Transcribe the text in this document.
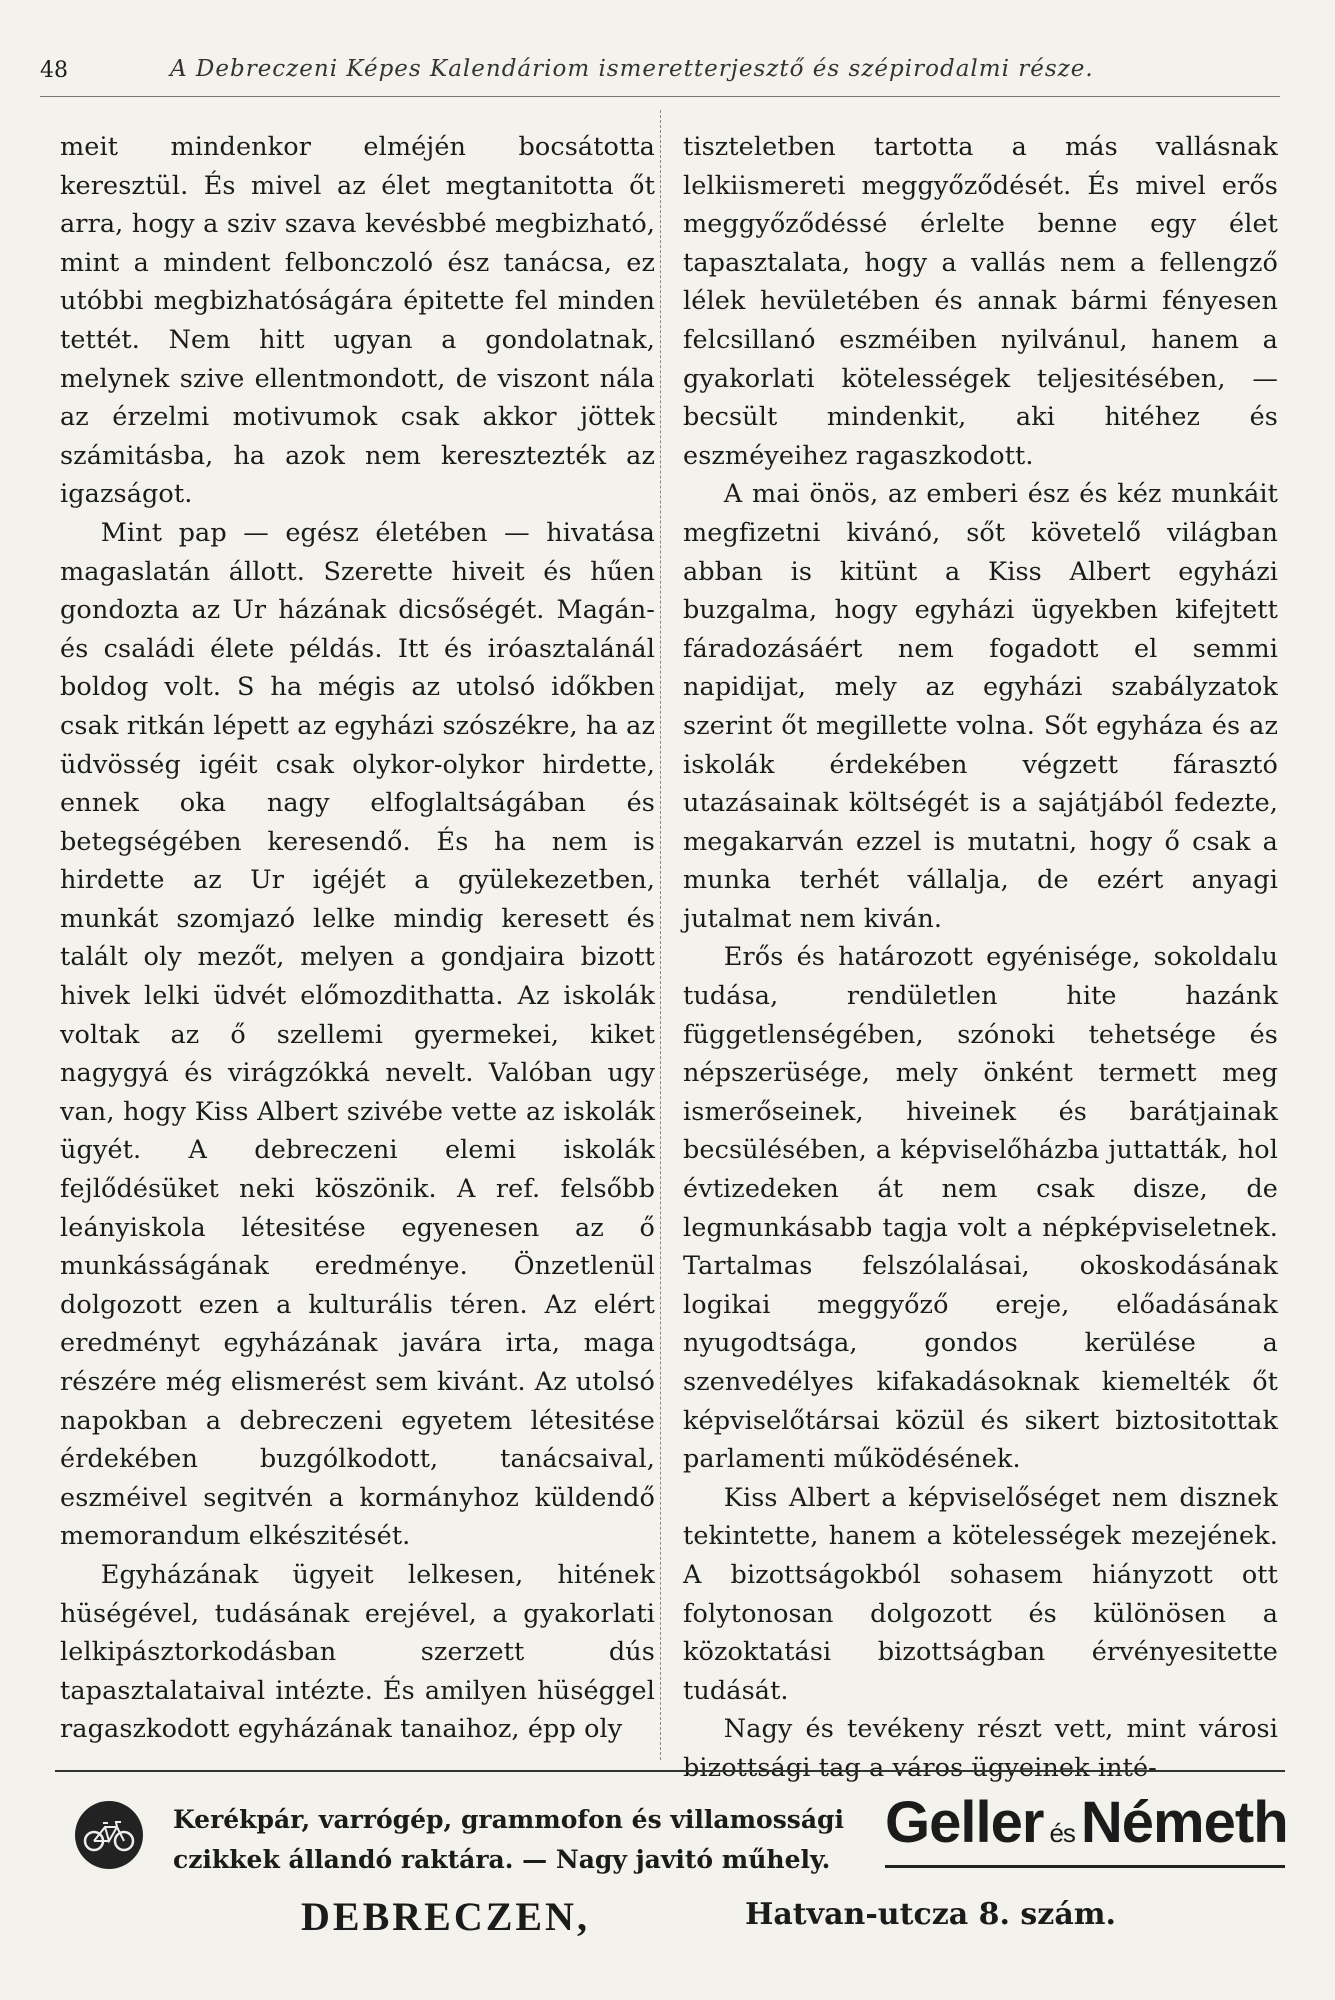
48	A Debreczeni Képes Kalendáriom ismeretterjesztő és szépirodalmi része.

meit mindenkor elméjén bocsátotta keresztül. És mivel az élet megtanitotta őt arra, hogy a sziv szava kevésbbé megbizható, mint a mindent felbonczoló ész tanácsa, ez utóbbi megbizhatóságára épitette fel minden tettét. Nem hitt ugyan a gondolatnak, melynek szive ellentmondott, de viszont nála az érzelmi motivumok csak akkor jöttek számitásba, ha azok nem keresztezték az igazságot.

Mint pap — egész életében — hivatása magaslatán állott. Szerette hiveit és hűen gondozta az Ur házának dicsőségét. Magán- és családi élete példás. Itt és iróasztalánál boldog volt. S ha mégis az utolsó időkben csak ritkán lépett az egyházi szószékre, ha az üdvösség igéit csak olykor-olykor hirdette, ennek oka nagy elfoglaltságában és betegségében keresendő. És ha nem is hirdette az Ur igéjét a gyülekezetben, munkát szomjazó lelke mindig keresett és talált oly mezőt, melyen a gondjaira bizott hivek lelki üdvét előmozdithatta. Az iskolák voltak az ő szellemi gyermekei, kiket nagygyá és virágzókká nevelt. Valóban ugy van, hogy Kiss Albert szivébe vette az iskolák ügyét. A debreczeni elemi iskolák fejlődésüket neki köszönik. A ref. felsőbb leányiskola létesitése egyenesen az ő munkásságának eredménye. Önzetlenül dolgozott ezen a kulturális téren. Az elért eredményt egyházának javára irta, maga részére még elismerést sem kivánt. Az utolsó napokban a debreczeni egyetem létesitése érdekében buzgólkodott, tanácsaival, eszméivel segitvén a kormányhoz küldendő memorandum elkészitését.

Egyházának ügyeit lelkesen, hitének hüségével, tudásának erejével, a gyakorlati lelkipásztorkodásban szerzett dús tapasztalataival intézte. És amilyen hüséggel ragaszkodott egyházának tanaihoz, épp oly

tiszteletben tartotta a más vallásnak lelkiismereti meggyőződését. És mivel erős meggyőződéssé érlelte benne egy élet tapasztalata, hogy a vallás nem a fellengző lélek hevületében és annak bármi fényesen felcsillanó eszméiben nyilvánul, hanem a gyakorlati kötelességek teljesitésében, — becsült mindenkit, aki hitéhez és eszméyeihez ragaszkodott.

A mai önös, az emberi ész és kéz munkáit megfizetni kivánó, sőt követelő világban abban is kitünt a Kiss Albert egyházi buzgalma, hogy egyházi ügyekben kifejtett fáradozásáért nem fogadott el semmi napidijat, mely az egyházi szabályzatok szerint őt megillette volna. Sőt egyháza és az iskolák érdekében végzett fárasztó utazásainak költségét is a sajátjából fedezte, megakarván ezzel is mutatni, hogy ő csak a munka terhét vállalja, de ezért anyagi jutalmat nem kiván.

Erős és határozott egyénisége, sokoldalu tudása, rendületlen hite hazánk függetlenségében, szónoki tehetsége és népszerüsége, mely önként termett meg ismerőseinek, hiveinek és barátjainak becsülésében, a képviselőházba juttatták, hol évtizedeken át nem csak disze, de legmunkásabb tagja volt a népképviseletnek. Tartalmas felszólalásai, okoskodásának logikai meggyőző ereje, előadásának nyugodtsága, gondos kerülése a szenvedélyes kifakadásoknak kiemelték őt képviselőtársai közül és sikert biztositottak parlamenti működésének.

Kiss Albert a képviselőséget nem disznek tekintette, hanem a kötelességek mezejének. A bizottságokból sohasem hiányzott ott folytonosan dolgozott és különösen a közoktatási bizottságban érvényesitette tudását.

Nagy és tevékeny részt vett, mint városi bizottsági tag a város ügyeinek inté-

Kerékpár, varrógép, grammofon és villamossági
czikkek állandó raktára. — Nagy javitó műhely.
Geller és Németh
DEBRECZEN,	Hatvan-utcza 8. szám.
